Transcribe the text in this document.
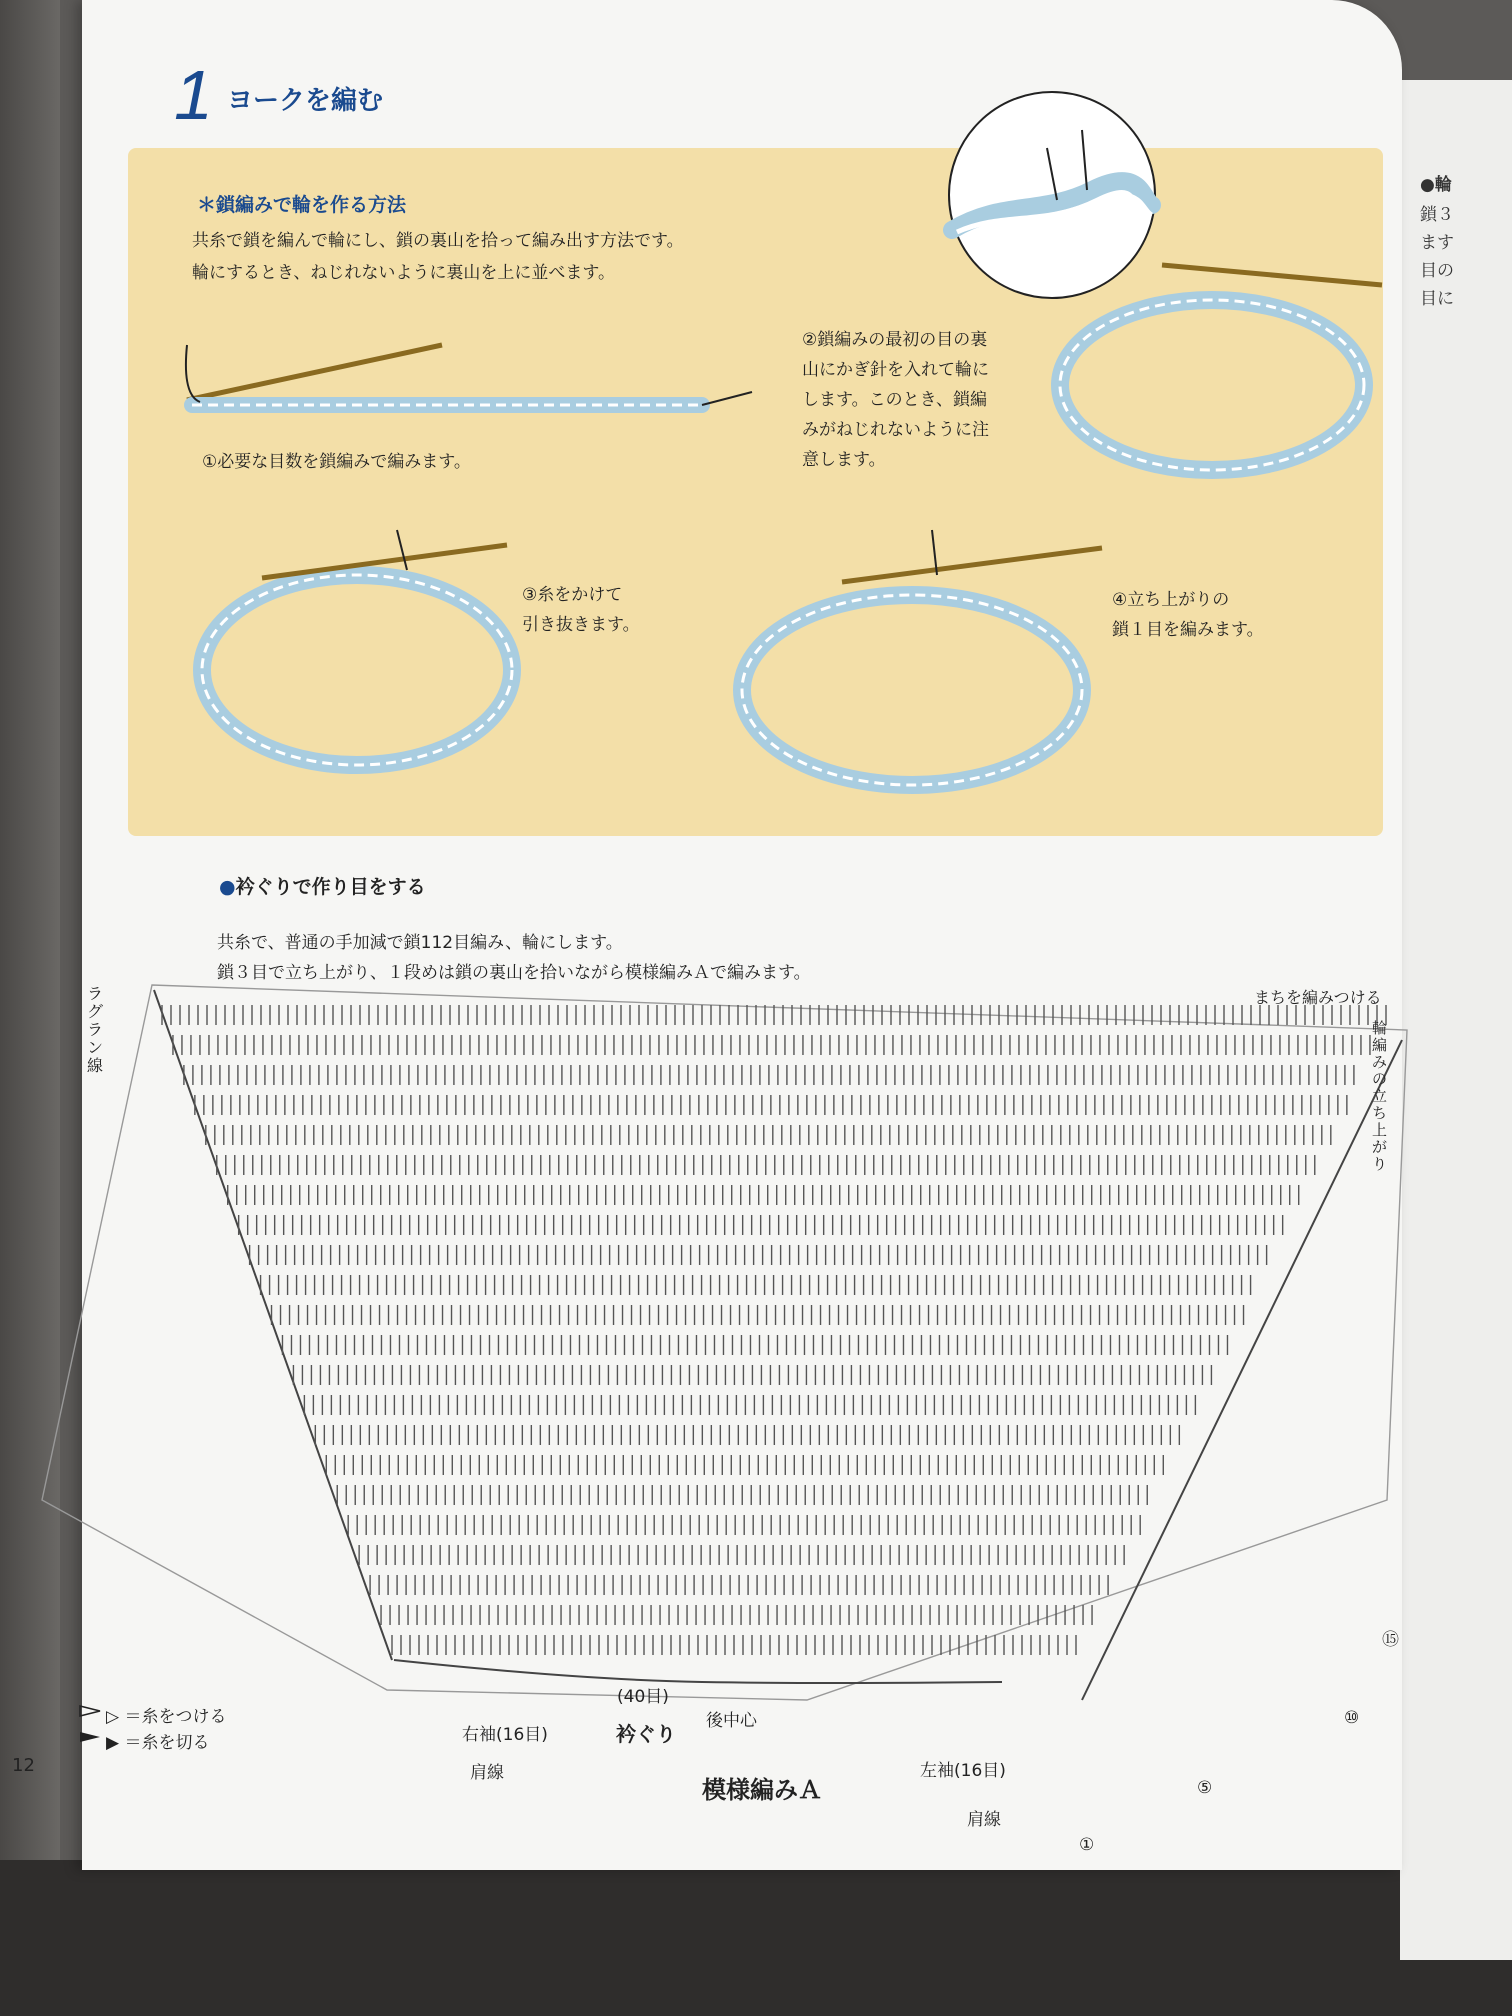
●輪
鎖３
ます
目の
目に
1 ヨークを編む
＊鎖編みで輪を作る方法
共糸で鎖を編んで輪にし、鎖の裏山を拾って編み出す方法です。
輪にするとき、ねじれないように裏山を上に並べます。
①必要な目数を鎖編みで編みます。
②鎖編みの最初の目の裏
山にかぎ針を入れて輪に
します。このとき、鎖編
みがねじれないように注
意します。
③糸をかけて
引き抜きます。
④立ち上がりの
鎖１目を編みます。
●衿ぐりで作り目をする
共糸で、普通の手加減で鎖112目編み、輪にします。
鎖３目で立ち上がり、１段めは鎖の裏山を拾いながら模様編みＡで編みます。
ラグラン線
まちを編みつける
輪編みの立ち上がり
(40目)
後中心
衿ぐり
右袖(16目)
左袖(16目)
肩線
肩線
模様編みＡ
①
⑤
⑩
⑮
▷ ＝糸をつける
▶ ＝糸を切る
12
